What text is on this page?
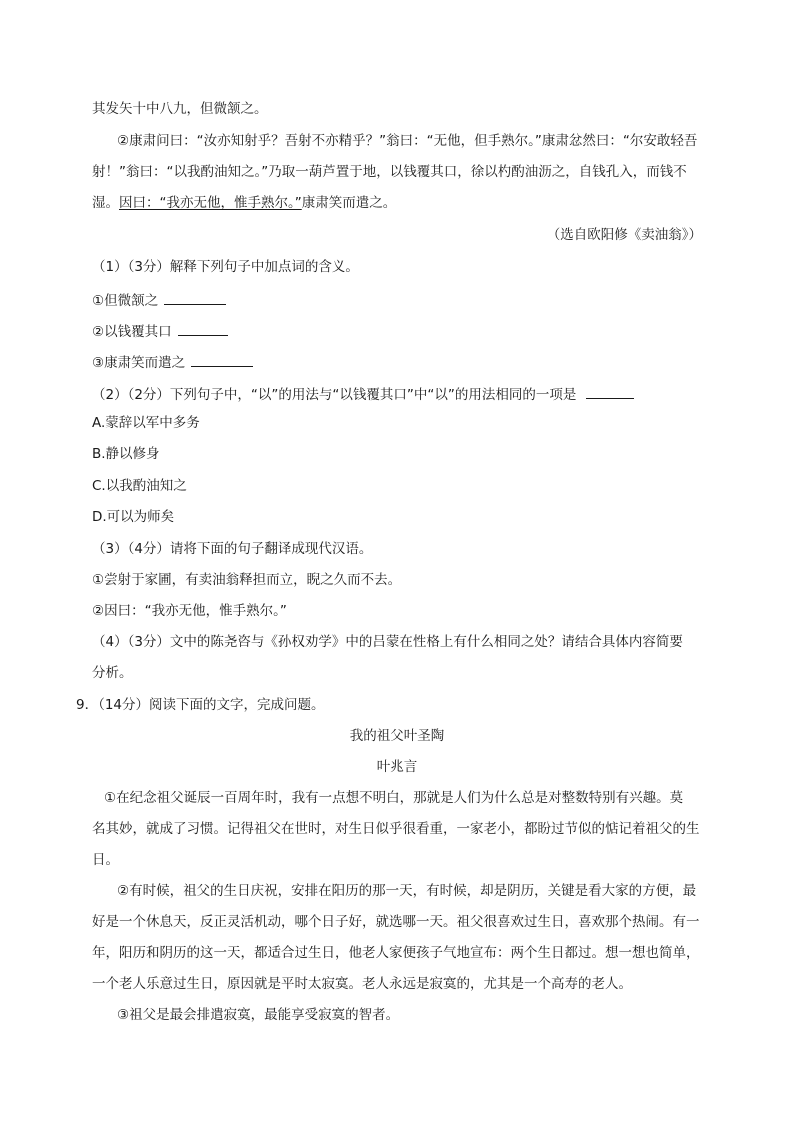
其发矢十中八九，但微颔之。
②康肃问曰：“汝亦知射乎？吾射不亦精乎？”翁曰：“无他，但手熟尔。”康肃忿然曰：“尔安敢轻吾
射！”翁曰：“以我酌油知之。”乃取一葫芦置于地，以钱覆其口，徐以杓酌油沥之，自钱孔入，而钱不
湿。因曰：“我亦无他，惟手熟尔。”康肃笑而遣之。
（选自欧阳修《卖油翁》）
（1）（3分）解释下列句子中加点词的含义。
①但微颔之
②以钱覆其口
③康肃笑而遣之
（2）（2分）下列句子中，“以”的用法与“以钱覆其口”中“以”的用法相同的一项是
A.蒙辞以军中多务
B.静以修身
C.以我酌油知之
D.可以为师矣
（3）（4分）请将下面的句子翻译成现代汉语。
①尝射于家圃，有卖油翁释担而立，睨之久而不去。
②因曰：“我亦无他，惟手熟尔。”
（4）（3分）文中的陈尧咨与《孙权劝学》中的吕蒙在性格上有什么相同之处？请结合具体内容简要
分析。
9．（14分）阅读下面的文字，完成问题。
我的祖父叶圣陶
叶兆言
①在纪念祖父诞辰一百周年时，我有一点想不明白，那就是人们为什么总是对整数特别有兴趣。莫
名其妙，就成了习惯。记得祖父在世时，对生日似乎很看重，一家老小，都盼过节似的惦记着祖父的生
日。
②有时候，祖父的生日庆祝，安排在阳历的那一天，有时候，却是阴历，关键是看大家的方便，最
好是一个休息天，反正灵活机动，哪个日子好，就选哪一天。祖父很喜欢过生日，喜欢那个热闹。有一
年，阳历和阴历的这一天，都适合过生日，他老人家便孩子气地宣布：两个生日都过。想一想也简单，
一个老人乐意过生日，原因就是平时太寂寞。老人永远是寂寞的，尤其是一个高寿的老人。
③祖父是最会排遣寂寞，最能享受寂寞的智者。
